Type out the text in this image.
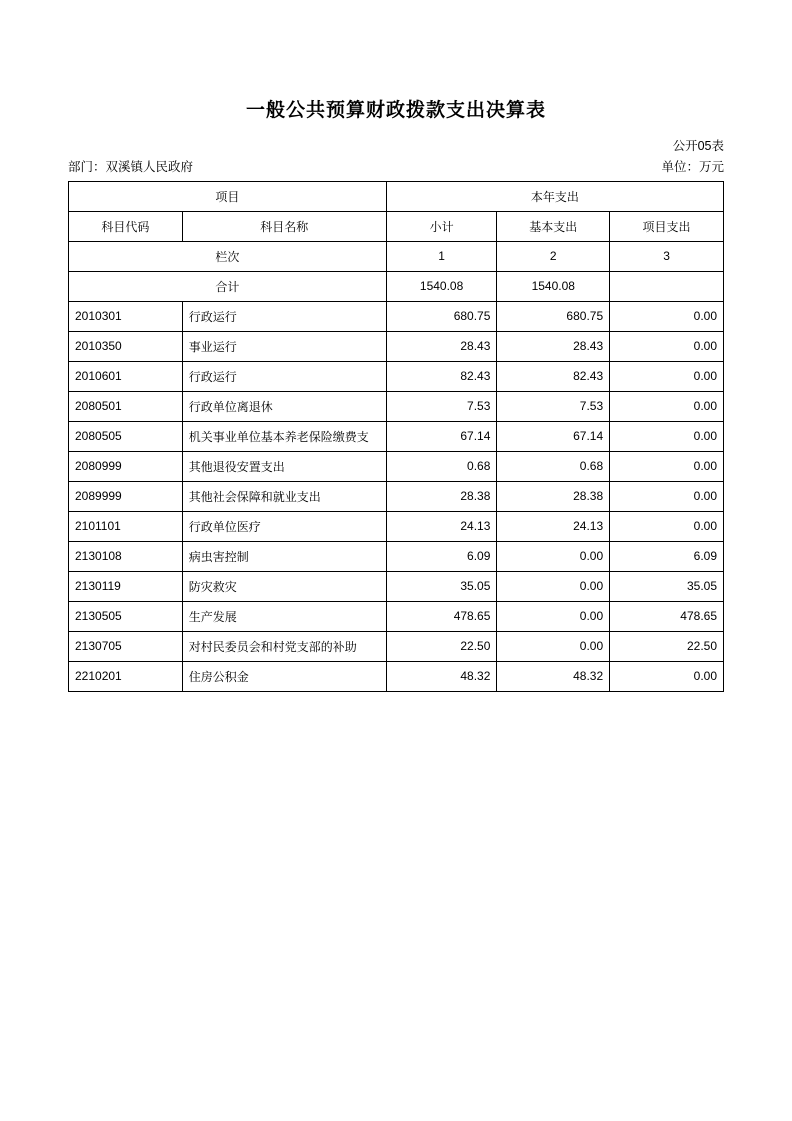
一般公共预算财政拨款支出决算表
公开05表
部门：双溪镇人民政府	单位：万元
项目		本年支出		
科目代码	科目名称	小计	基本支出	项目支出
栏次		1	2	3
合计		1540.08	1540.08	
2010301	行政运行	680.75	680.75	0.00
2010350	事业运行	28.43	28.43	0.00
2010601	行政运行	82.43	82.43	0.00
2080501	行政单位离退休	7.53	7.53	0.00
2080505	机关事业单位基本养老保险缴费支	67.14	67.14	0.00
2080999	其他退役安置支出	0.68	0.68	0.00
2089999	其他社会保障和就业支出	28.38	28.38	0.00
2101101	行政单位医疗	24.13	24.13	0.00
2130108	病虫害控制	6.09	0.00	6.09
2130119	防灾救灾	35.05	0.00	35.05
2130505	生产发展	478.65	0.00	478.65
2130705	对村民委员会和村党支部的补助	22.50	0.00	22.50
2210201	住房公积金	48.32	48.32	0.00
